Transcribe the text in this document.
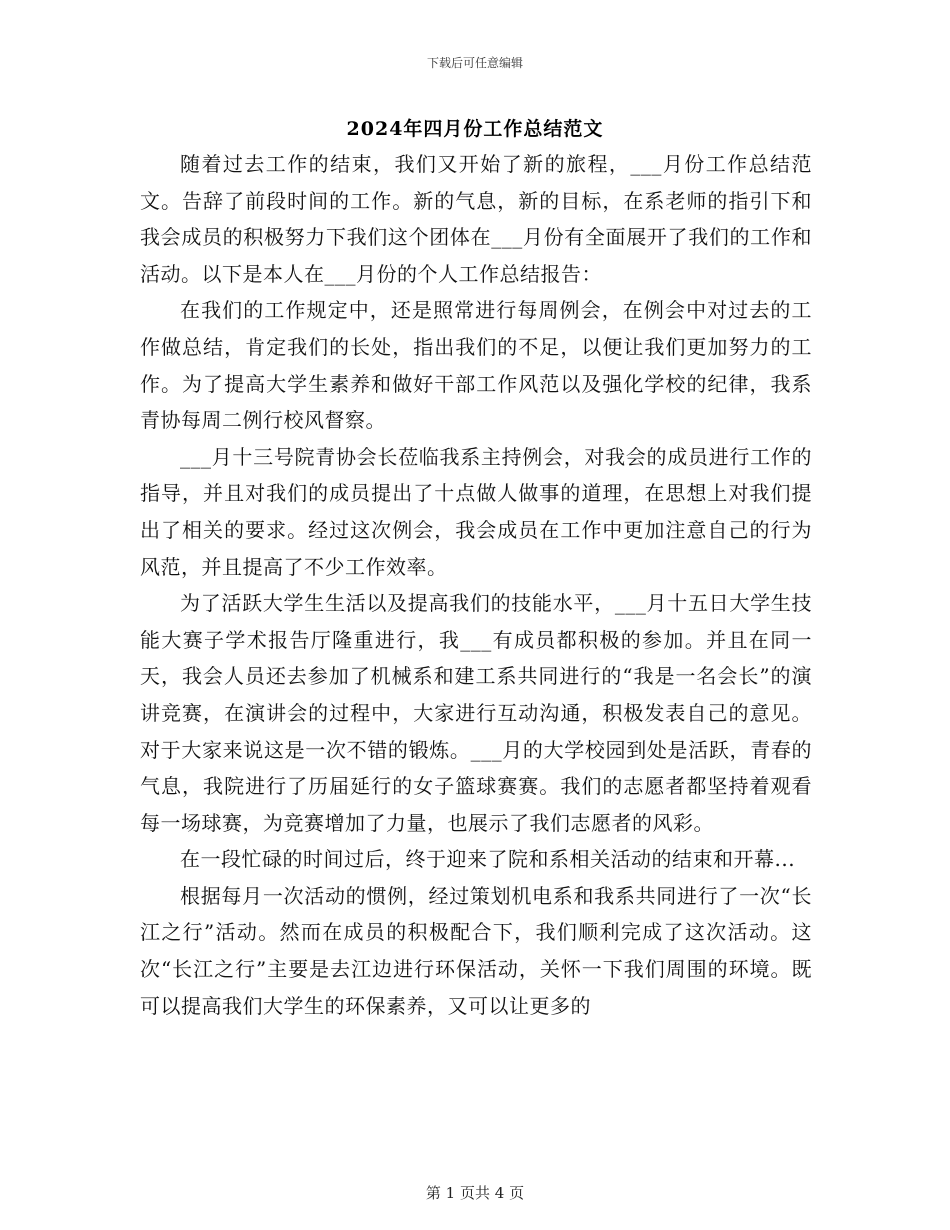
下载后可任意编辑
2024年四月份工作总结范文

随着过去工作的结束，我们又开始了新的旅程，___月份工作总结范文。告辞了前段时间的工作。新的气息，新的目标，在系老师的指引下和我会成员的积极努力下我们这个团体在___月份有全面展开了我们的工作和活动。以下是本人在___月份的个人工作总结报告：

在我们的工作规定中，还是照常进行每周例会，在例会中对过去的工作做总结，肯定我们的长处，指出我们的不足，以便让我们更加努力的工作。为了提高大学生素养和做好干部工作风范以及强化学校的纪律，我系青协每周二例行校风督察。

___月十三号院青协会长莅临我系主持例会，对我会的成员进行工作的指导，并且对我们的成员提出了十点做人做事的道理，在思想上对我们提出了相关的要求。经过这次例会，我会成员在工作中更加注意自己的行为风范，并且提高了不少工作效率。

为了活跃大学生生活以及提高我们的技能水平，___月十五日大学生技能大赛子学术报告厅隆重进行，我___有成员都积极的参加。并且在同一天，我会人员还去参加了机械系和建工系共同进行的“我是一名会长”的演讲竞赛，在演讲会的过程中，大家进行互动沟通，积极发表自己的意见。对于大家来说这是一次不错的锻炼。___月的大学校园到处是活跃，青春的气息，我院进行了历届延行的女子篮球赛赛。我们的志愿者都坚持着观看每一场球赛，为竞赛增加了力量，也展示了我们志愿者的风彩。

在一段忙碌的时间过后，终于迎来了院和系相关活动的结束和开幕...

根据每月一次活动的惯例，经过策划机电系和我系共同进行了一次“长江之行”活动。然而在成员的积极配合下，我们顺利完成了这次活动。这次“长江之行”主要是去江边进行环保活动，关怀一下我们周围的环境。既可以提高我们大学生的环保素养，又可以让更多的

第 1 页共 4 页
